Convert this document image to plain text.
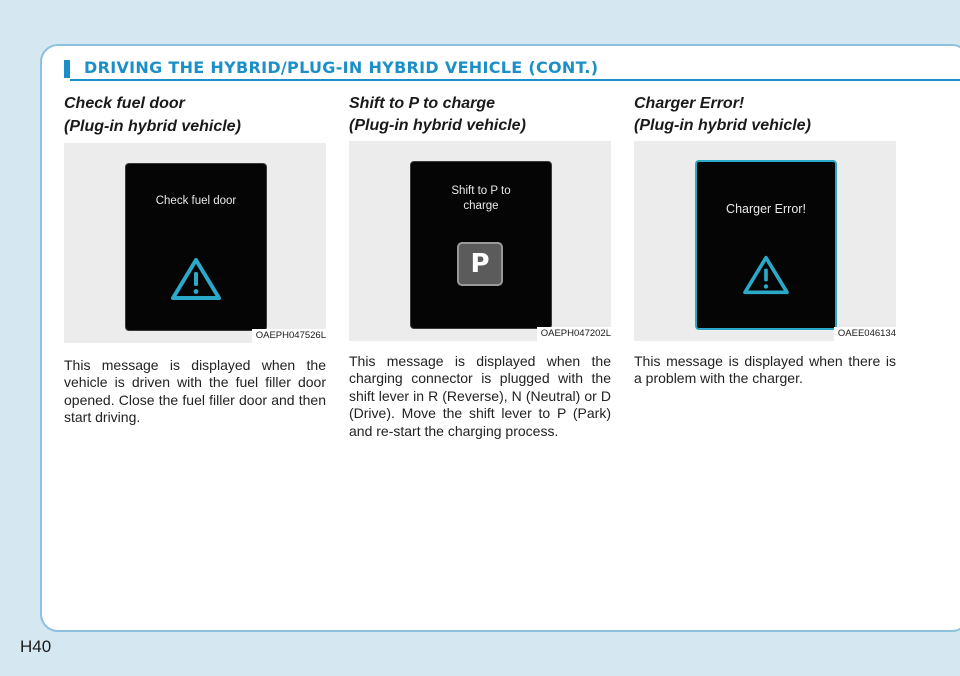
DRIVING THE HYBRID/PLUG-IN HYBRID VEHICLE (CONT.)

Check fuel door

(Plug-in hybrid vehicle)

Check fuel door
OAEPH047526L

This message is displayed when the vehicle is driven with the fuel filler door opened. Close the fuel filler door and then start driving.

Shift to P to charge
(Plug-in hybrid vehicle)

Shift to P to
charge
P
OAEPH047202L

This message is displayed when the charging connector is plugged with the shift lever in R (Reverse), N (Neutral) or D (Drive). Move the shift lever to P (Park) and re-start the charging process.

Charger Error!
(Plug-in hybrid vehicle)

Charger Error!
OAEE046134

This message is displayed when there is a problem with the charger.

H40
